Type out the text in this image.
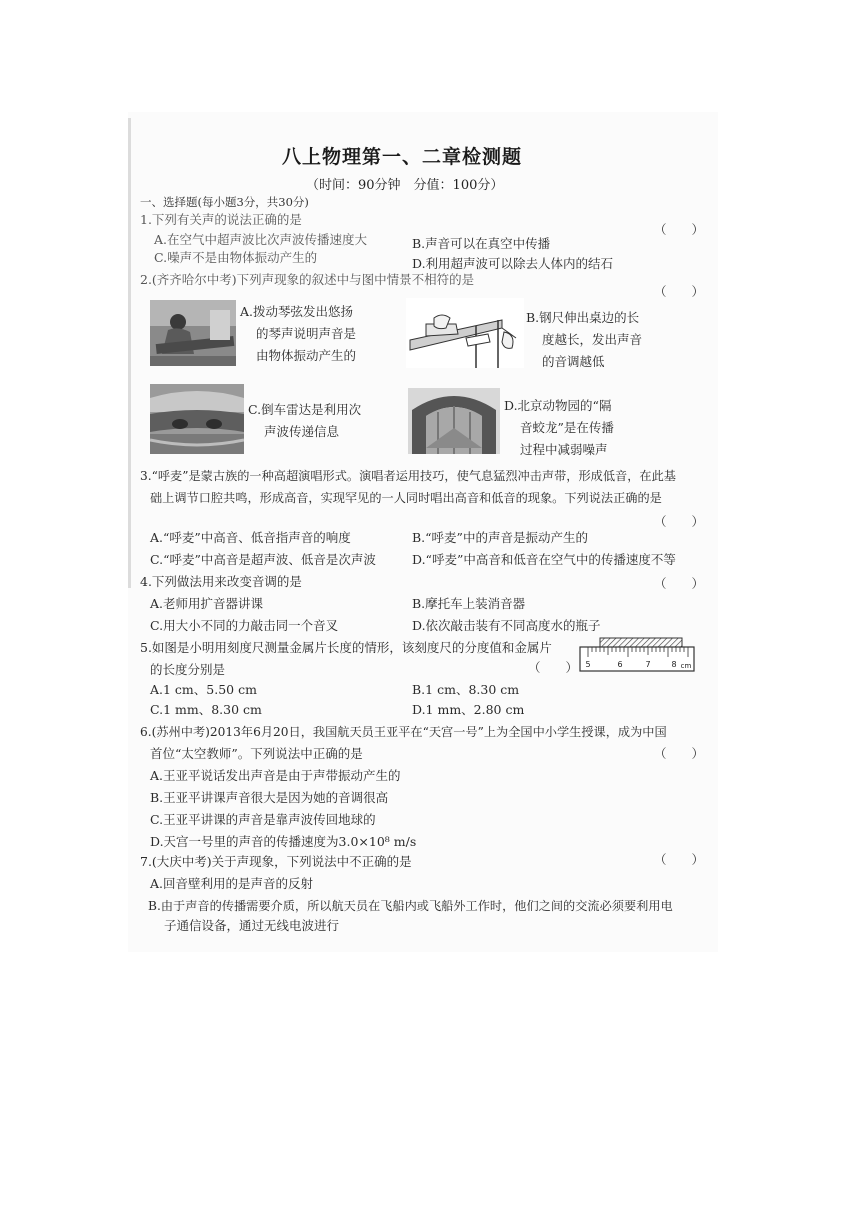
八上物理第一、二章检测题
（时间：90分钟　分值：100分）
一、选择题(每小题3分，共30分)
1.下列有关声的说法正确的是
（　　）
A.在空气中超声波比次声波传播速度大	B.声音可以在真空中传播
C.噪声不是由物体振动产生的	D.利用超声波可以除去人体内的结石
2.(齐齐哈尔中考)下列声现象的叙述中与图中情景不相符的是
（　　）
A.拨动琴弦发出悠扬
的琴声说明声音是
由物体振动产生的
B.钢尺伸出桌边的长
度越长，发出声音
的音调越低
C.倒车雷达是利用次
声波传递信息
D.北京动物园的“隔
音蛟龙”是在传播
过程中减弱噪声
3.“呼麦”是蒙古族的一种高超演唱形式。演唱者运用技巧，使气息猛烈冲击声带，形成低音，在此基
础上调节口腔共鸣，形成高音，实现罕见的一人同时唱出高音和低音的现象。下列说法正确的是
（　　）
A.“呼麦”中高音、低音指声音的响度	B.“呼麦”中的声音是振动产生的
C.“呼麦”中高音是超声波、低音是次声波	D.“呼麦”中高音和低音在空气中的传播速度不等
4.下列做法用来改变音调的是	（　　）
A.老师用扩音器讲课	B.摩托车上装消音器
C.用大小不同的力敲击同一个音叉	D.依次敲击装有不同高度水的瓶子
5.如图是小明用刻度尺测量金属片长度的情形，该刻度尺的分度值和金属片
的长度分别是	（　　） 5	6	7	8 cm
A.1 cm、5.50 cm	B.1 cm、8.30 cm
C.1 mm、8.30 cm	D.1 mm、2.80 cm
6.(苏州中考)2013年6月20日，我国航天员王亚平在“天宫一号”上为全国中小学生授课，成为中国
首位“太空教师”。下列说法中正确的是	（　　）
A.王亚平说话发出声音是由于声带振动产生的
B.王亚平讲课声音很大是因为她的音调很高
C.王亚平讲课的声音是靠声波传回地球的
D.天宫一号里的声音的传播速度为3.0×10⁸ m/s
7.(大庆中考)关于声现象，下列说法中不正确的是	（　　）
A.回音壁利用的是声音的反射
B.由于声音的传播需要介质，所以航天员在飞船内或飞船外工作时，他们之间的交流必须要利用电
子通信设备，通过无线电波进行
